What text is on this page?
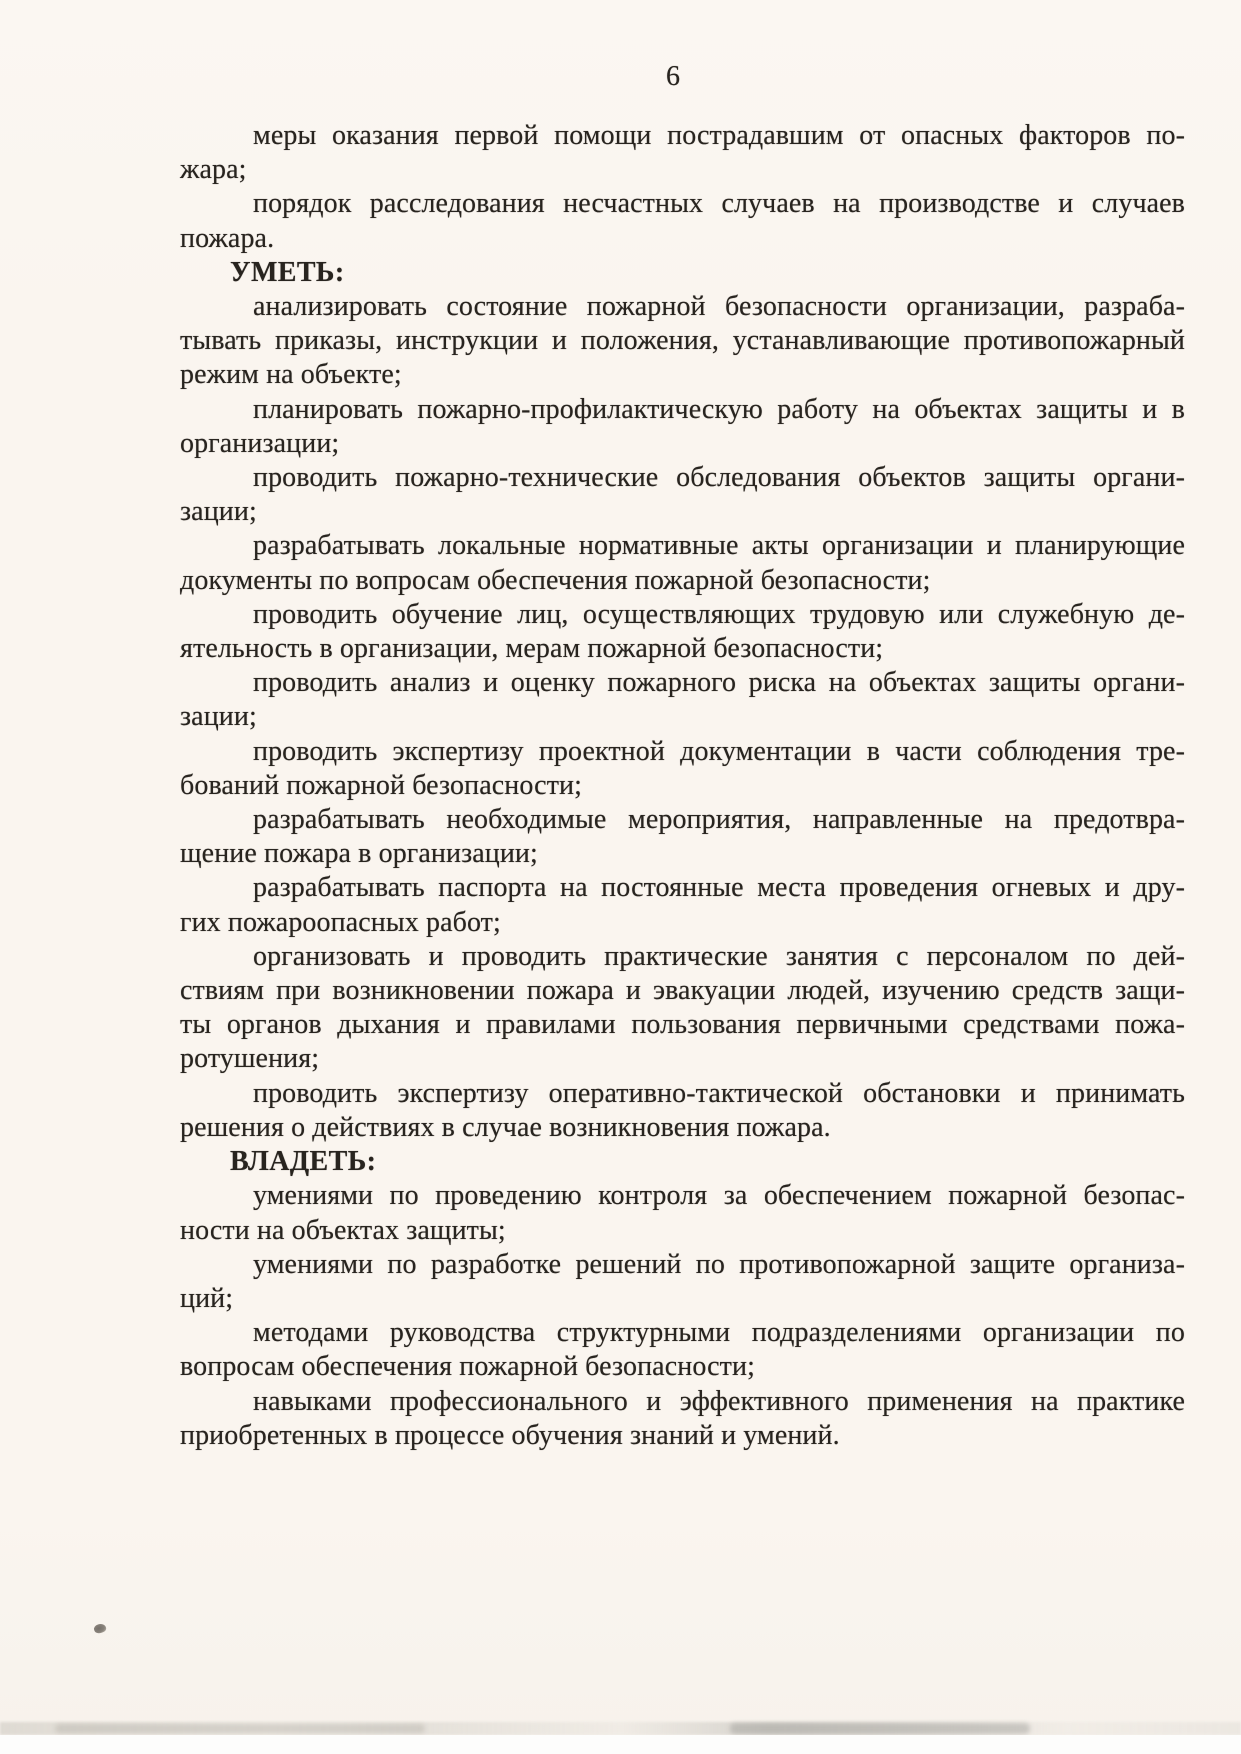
6
меры оказания первой помощи пострадавшим от опасных факторов по-
жара;
порядок расследования несчастных случаев на производстве и случаев
пожара.
УМЕТЬ:
анализировать состояние пожарной безопасности организации, разраба-
тывать приказы, инструкции и положения, устанавливающие противопожарный
режим на объекте;
планировать пожарно-профилактическую работу на объектах защиты и в
организации;
проводить пожарно-технические обследования объектов защиты органи-
зации;
разрабатывать локальные нормативные акты организации и планирующие
документы по вопросам обеспечения пожарной безопасности;
проводить обучение лиц, осуществляющих трудовую или служебную де-
ятельность в организации, мерам пожарной безопасности;
проводить анализ и оценку пожарного риска на объектах защиты органи-
зации;
проводить экспертизу проектной документации в части соблюдения тре-
бований пожарной безопасности;
разрабатывать необходимые мероприятия, направленные на предотвра-
щение пожара в организации;
разрабатывать паспорта на постоянные места проведения огневых и дру-
гих пожароопасных работ;
организовать и проводить практические занятия с персоналом по дей-
ствиям при возникновении пожара и эвакуации людей, изучению средств защи-
ты органов дыхания и правилами пользования первичными средствами пожа-
ротушения;
проводить экспертизу оперативно-тактической обстановки и принимать
решения о действиях в случае возникновения пожара.
ВЛАДЕТЬ:
умениями по проведению контроля за обеспечением пожарной безопас-
ности на объектах защиты;
умениями по разработке решений по противопожарной защите организа-
ций;
методами руководства структурными подразделениями организации по
вопросам обеспечения пожарной безопасности;
навыками профессионального и эффективного применения на практике
приобретенных в процессе обучения знаний и умений.
